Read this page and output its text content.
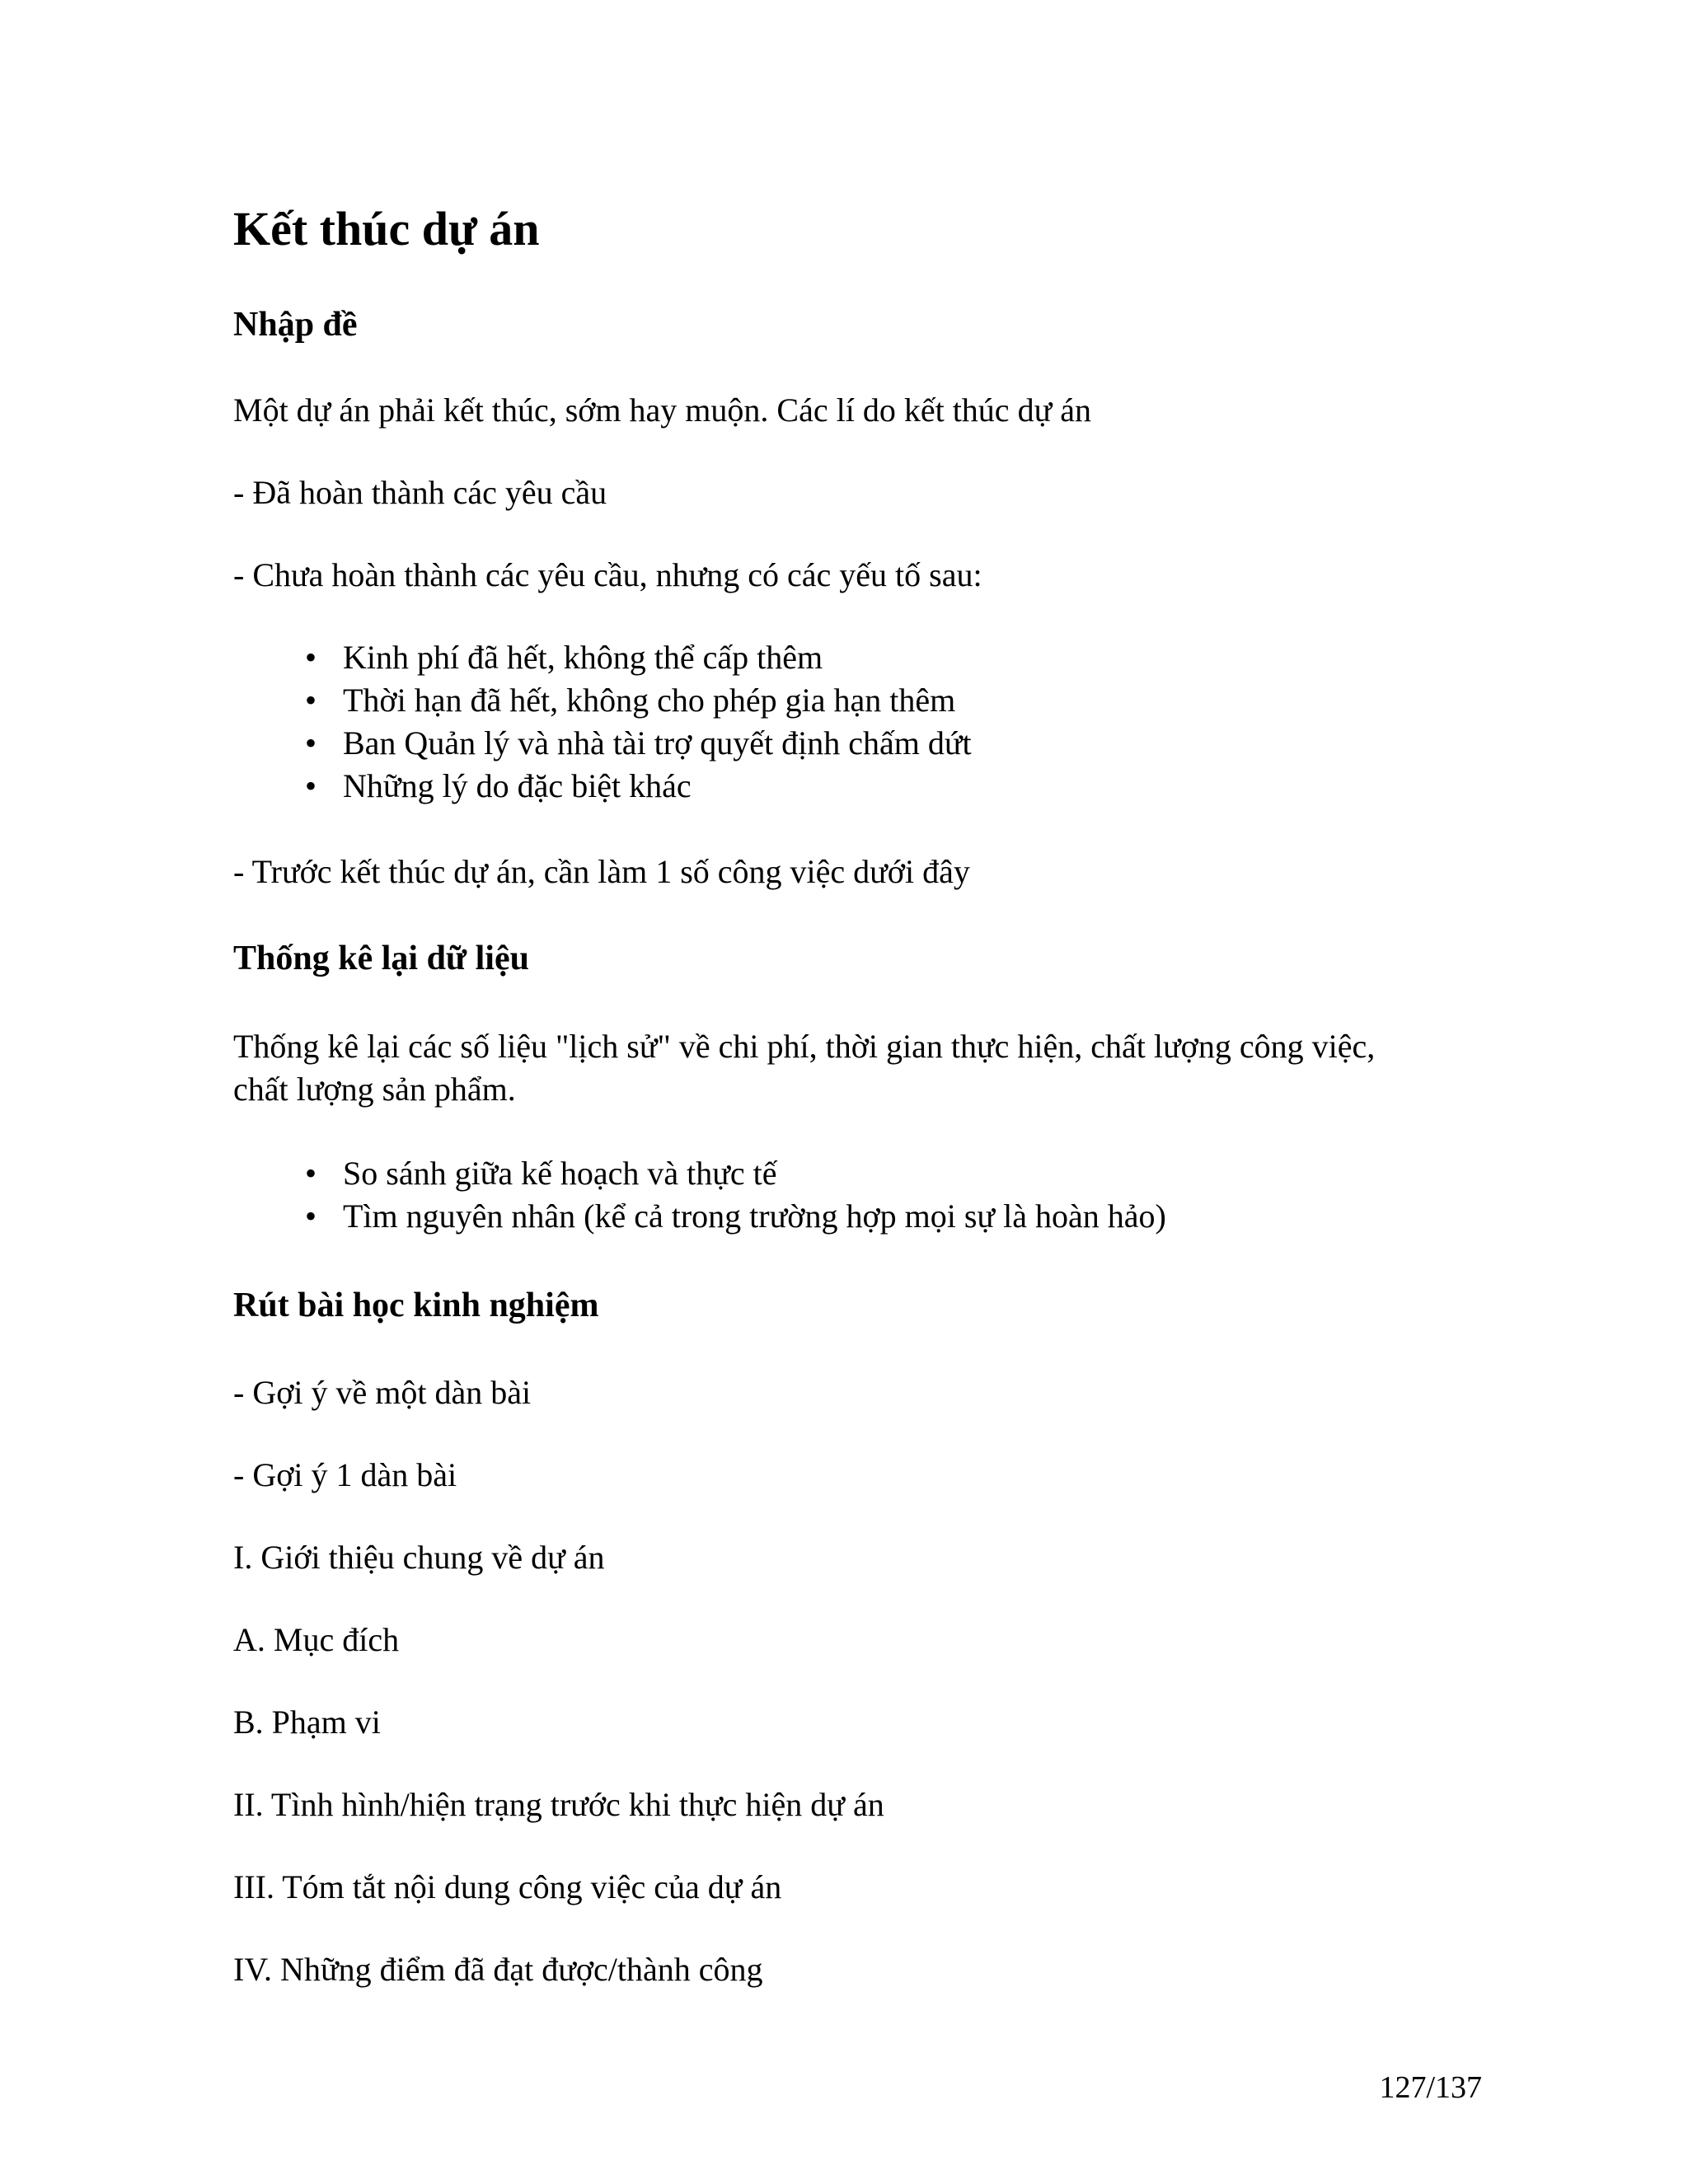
Kết thúc dự án
Nhập đề
Một dự án phải kết thúc, sớm hay muộn. Các lí do kết thúc dự án
- Đã hoàn thành các yêu cầu
- Chưa hoàn thành các yêu cầu, nhưng có các yếu tố sau:
• Kinh phí đã hết, không thể cấp thêm
• Thời hạn đã hết, không cho phép gia hạn thêm
• Ban Quản lý và nhà tài trợ quyết định chấm dứt
• Những lý do đặc biệt khác
- Trước kết thúc dự án, cần làm 1 số công việc dưới đây
Thống kê lại dữ liệu
Thống kê lại các số liệu "lịch sử" về chi phí, thời gian thực hiện, chất lượng công việc,
chất lượng sản phẩm.
• So sánh giữa kế hoạch và thực tế
• Tìm nguyên nhân (kể cả trong trường hợp mọi sự là hoàn hảo)
Rút bài học kinh nghiệm
- Gợi ý về một dàn bài
- Gợi ý 1 dàn bài
I. Giới thiệu chung về dự án
A. Mục đích
B. Phạm vi
II. Tình hình/hiện trạng trước khi thực hiện dự án
III. Tóm tắt nội dung công việc của dự án
IV. Những điểm đã đạt được/thành công
127/137
